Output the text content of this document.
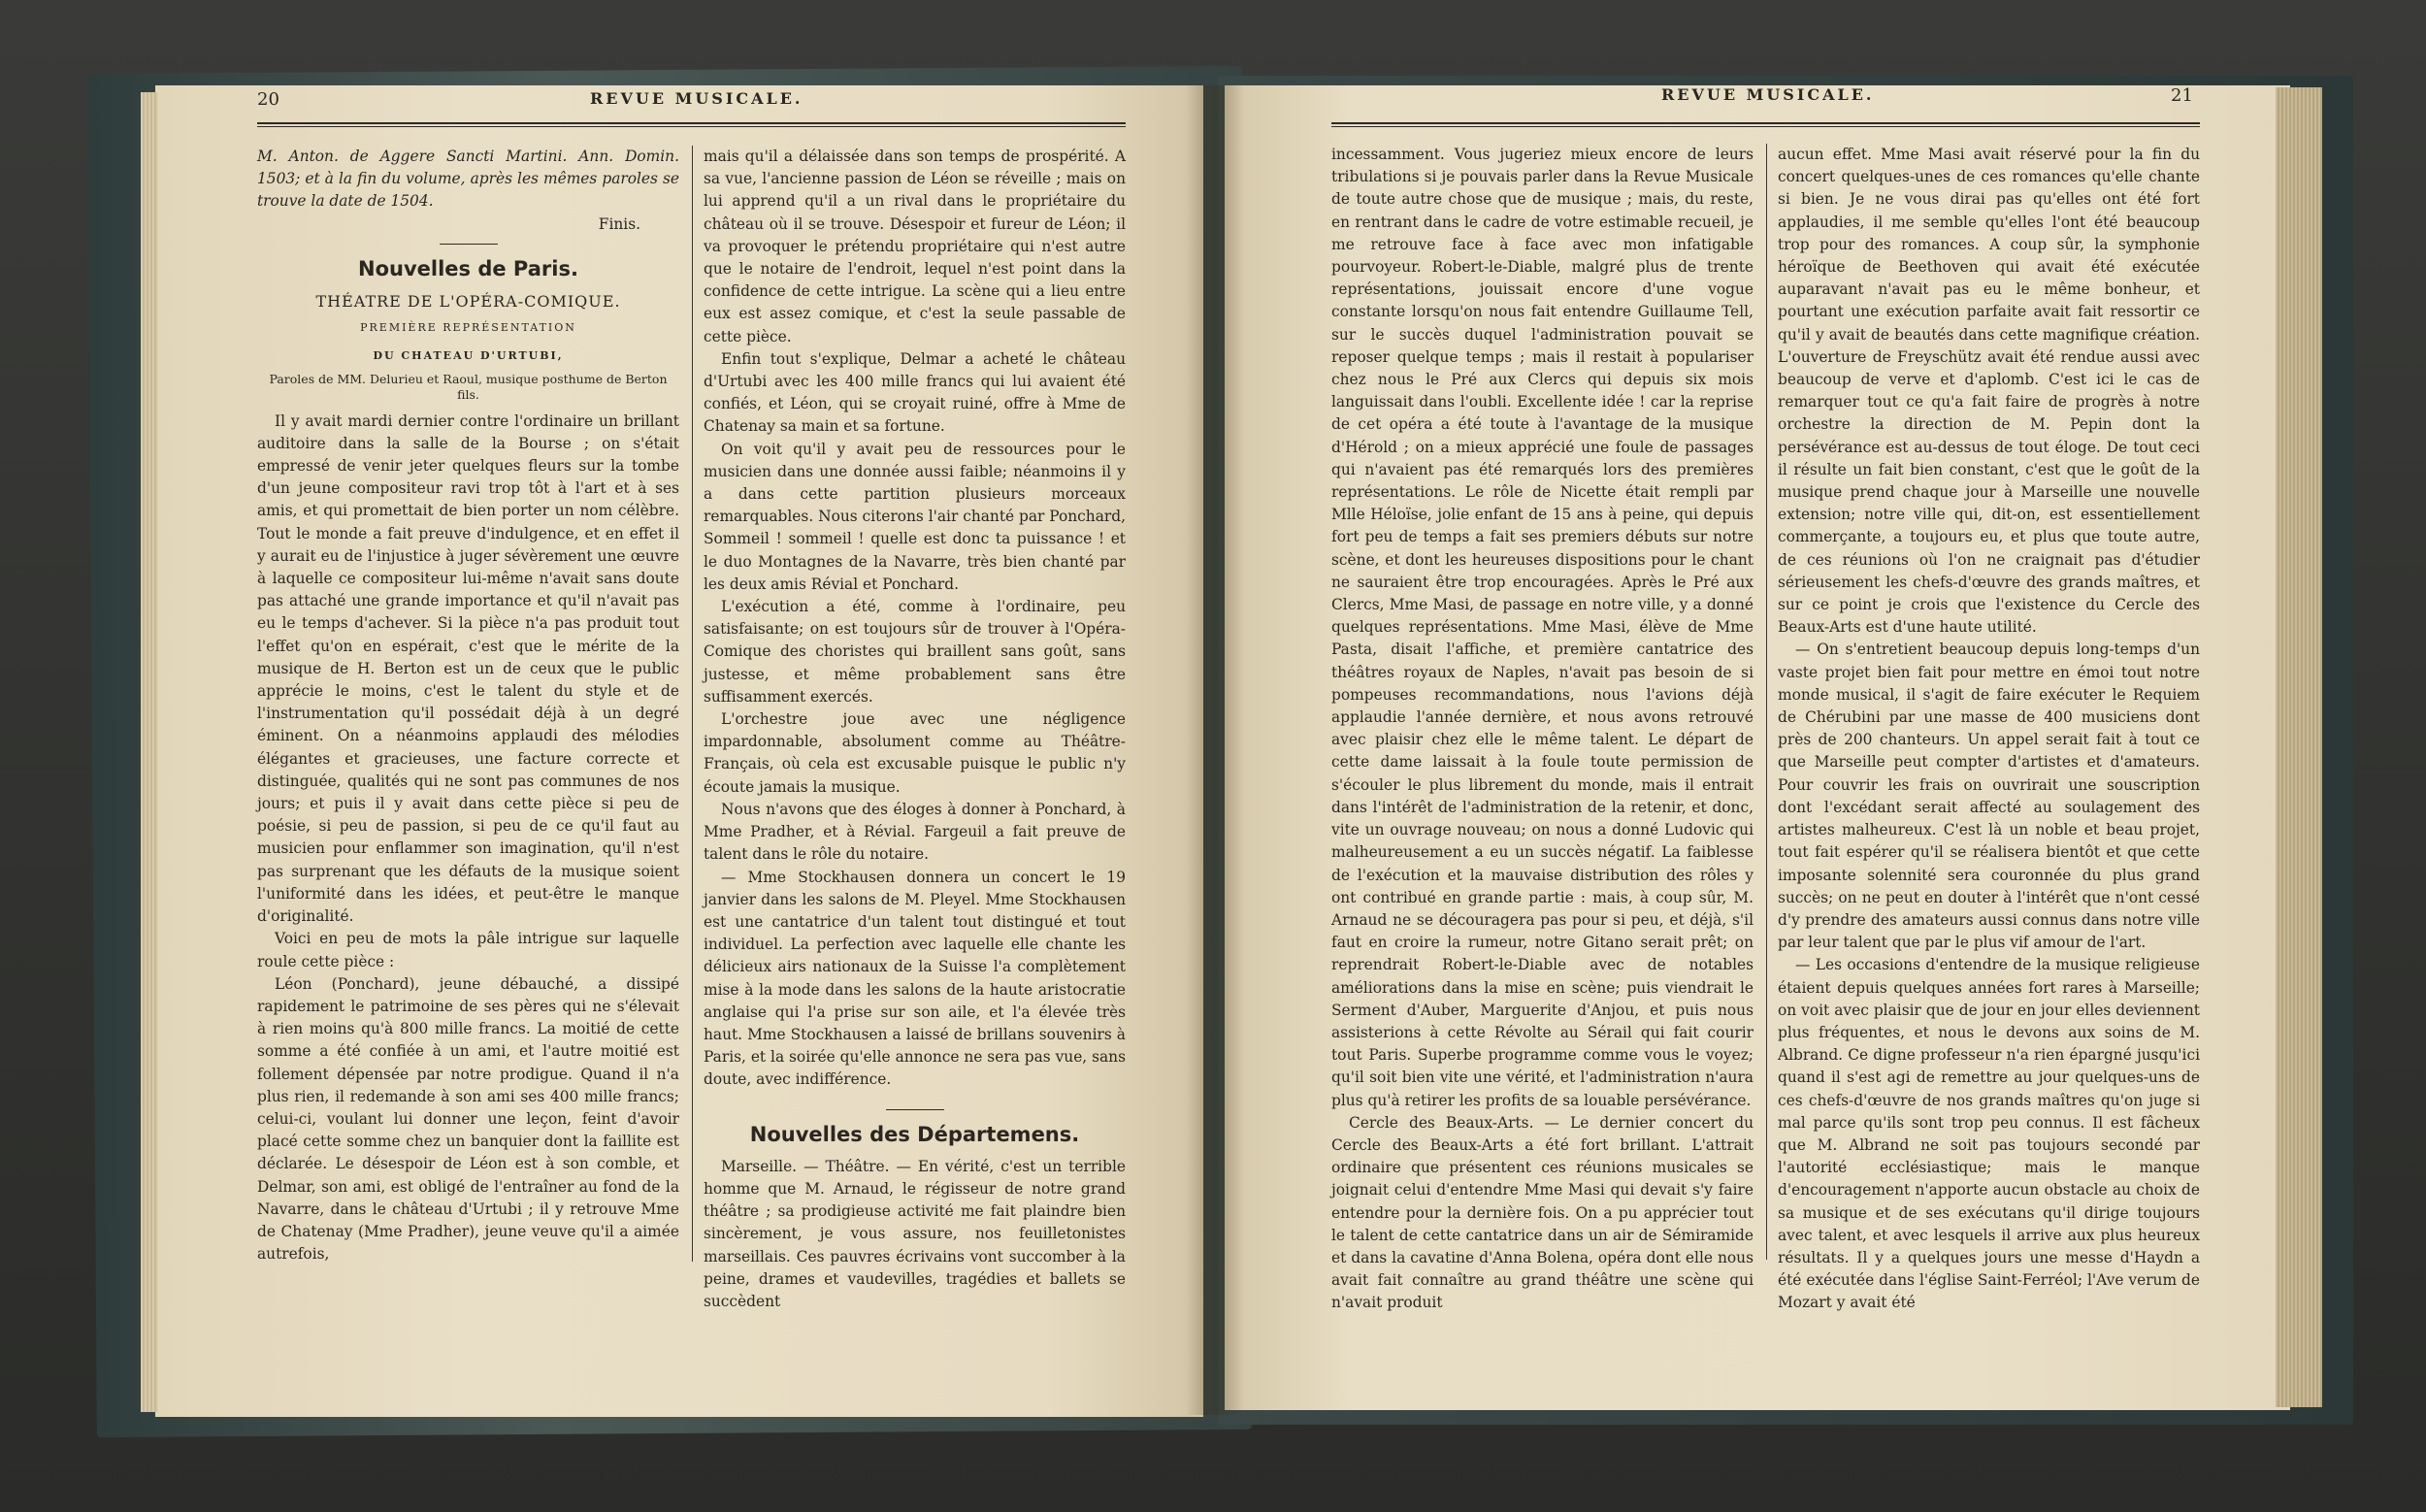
20	REVUE MUSICALE.

M. Anton. de Aggere Sancti Martini. Ann. Domin. 1503; et à la fin du volume, après les mêmes paroles se trouve la date de 1504.

Finis.
Nouvelles de Paris.
THÉATRE DE L'OPÉRA-COMIQUE.
PREMIÈRE REPRÉSENTATION
DU CHATEAU D'URTUBI,
Paroles de MM. Delurieu et Raoul, musique posthume de Berton fils.

Il y avait mardi dernier contre l'ordinaire un brillant auditoire dans la salle de la Bourse ; on s'était empressé de venir jeter quelques fleurs sur la tombe d'un jeune compositeur ravi trop tôt à l'art et à ses amis, et qui promettait de bien porter un nom célèbre. Tout le monde a fait preuve d'indulgence, et en effet il y aurait eu de l'injustice à juger sévèrement une œuvre à laquelle ce compositeur lui-même n'avait sans doute pas attaché une grande importance et qu'il n'avait pas eu le temps d'achever. Si la pièce n'a pas produit tout l'effet qu'on en espérait, c'est que le mérite de la musique de H. Berton est un de ceux que le public apprécie le moins, c'est le talent du style et de l'instrumentation qu'il possédait déjà à un degré éminent. On a néanmoins applaudi des mélodies élégantes et gracieuses, une facture correcte et distinguée, qualités qui ne sont pas communes de nos jours; et puis il y avait dans cette pièce si peu de poésie, si peu de passion, si peu de ce qu'il faut au musicien pour enflammer son imagination, qu'il n'est pas surprenant que les défauts de la musique soient l'uniformité dans les idées, et peut-être le manque d'originalité.

Voici en peu de mots la pâle intrigue sur laquelle roule cette pièce :

Léon (Ponchard), jeune débauché, a dissipé rapidement le patrimoine de ses pères qui ne s'élevait à rien moins qu'à 800 mille francs. La moitié de cette somme a été confiée à un ami, et l'autre moitié est follement dépensée par notre prodigue. Quand il n'a plus rien, il redemande à son ami ses 400 mille francs; celui-ci, voulant lui donner une leçon, feint d'avoir placé cette somme chez un banquier dont la faillite est déclarée. Le désespoir de Léon est à son comble, et Delmar, son ami, est obligé de l'entraîner au fond de la Navarre, dans le château d'Urtubi ; il y retrouve Mme de Chatenay (Mme Pradher), jeune veuve qu'il a aimée autrefois,

mais qu'il a délaissée dans son temps de prospérité. A sa vue, l'ancienne passion de Léon se réveille ; mais on lui apprend qu'il a un rival dans le propriétaire du château où il se trouve. Désespoir et fureur de Léon; il va provoquer le prétendu propriétaire qui n'est autre que le notaire de l'endroit, lequel n'est point dans la confidence de cette intrigue. La scène qui a lieu entre eux est assez comique, et c'est la seule passable de cette pièce.

Enfin tout s'explique, Delmar a acheté le château d'Urtubi avec les 400 mille francs qui lui avaient été confiés, et Léon, qui se croyait ruiné, offre à Mme de Chatenay sa main et sa fortune.

On voit qu'il y avait peu de ressources pour le musicien dans une donnée aussi faible; néanmoins il y a dans cette partition plusieurs morceaux remarquables. Nous citerons l'air chanté par Ponchard, Sommeil ! sommeil ! quelle est donc ta puissance ! et le duo Montagnes de la Navarre, très bien chanté par les deux amis Révial et Ponchard.

L'exécution a été, comme à l'ordinaire, peu satisfaisante; on est toujours sûr de trouver à l'Opéra-Comique des choristes qui braillent sans goût, sans justesse, et même probablement sans être suffisamment exercés.

L'orchestre joue avec une négligence impardonnable, absolument comme au Théâtre-Français, où cela est excusable puisque le public n'y écoute jamais la musique.

Nous n'avons que des éloges à donner à Ponchard, à Mme Pradher, et à Révial. Fargeuil a fait preuve de talent dans le rôle du notaire.

— Mme Stockhausen donnera un concert le 19 janvier dans les salons de M. Pleyel. Mme Stockhausen est une cantatrice d'un talent tout distingué et tout individuel. La perfection avec laquelle elle chante les délicieux airs nationaux de la Suisse l'a complètement mise à la mode dans les salons de la haute aristocratie anglaise qui l'a prise sur son aile, et l'a élevée très haut. Mme Stockhausen a laissé de brillans souvenirs à Paris, et la soirée qu'elle annonce ne sera pas vue, sans doute, avec indifférence.

Nouvelles des Départemens.

Marseille. — Théâtre. — En vérité, c'est un terrible homme que M. Arnaud, le régisseur de notre grand théâtre ; sa prodigieuse activité me fait plaindre bien sincèrement, je vous assure, nos feuilletonistes marseillais. Ces pauvres écrivains vont succomber à la peine, drames et vaudevilles, tragédies et ballets se succèdent

REVUE MUSICALE.	21

incessamment. Vous jugeriez mieux encore de leurs tribulations si je pouvais parler dans la Revue Musicale de toute autre chose que de musique ; mais, du reste, en rentrant dans le cadre de votre estimable recueil, je me retrouve face à face avec mon infatigable pourvoyeur. Robert-le-Diable, malgré plus de trente représentations, jouissait encore d'une vogue constante lorsqu'on nous fait entendre Guillaume Tell, sur le succès duquel l'administration pouvait se reposer quelque temps ; mais il restait à populariser chez nous le Pré aux Clercs qui depuis six mois languissait dans l'oubli. Excellente idée ! car la reprise de cet opéra a été toute à l'avantage de la musique d'Hérold ; on a mieux apprécié une foule de passages qui n'avaient pas été remarqués lors des premières représentations. Le rôle de Nicette était rempli par Mlle Héloïse, jolie enfant de 15 ans à peine, qui depuis fort peu de temps a fait ses premiers débuts sur notre scène, et dont les heureuses dispositions pour le chant ne sauraient être trop encouragées. Après le Pré aux Clercs, Mme Masi, de passage en notre ville, y a donné quelques représentations. Mme Masi, élève de Mme Pasta, disait l'affiche, et première cantatrice des théâtres royaux de Naples, n'avait pas besoin de si pompeuses recommandations, nous l'avions déjà applaudie l'année dernière, et nous avons retrouvé avec plaisir chez elle le même talent. Le départ de cette dame laissait à la foule toute permission de s'écouler le plus librement du monde, mais il entrait dans l'intérêt de l'administration de la retenir, et donc, vite un ouvrage nouveau; on nous a donné Ludovic qui malheureusement a eu un succès négatif. La faiblesse de l'exécution et la mauvaise distribution des rôles y ont contribué en grande partie : mais, à coup sûr, M. Arnaud ne se découragera pas pour si peu, et déjà, s'il faut en croire la rumeur, notre Gitano serait prêt; on reprendrait Robert-le-Diable avec de notables améliorations dans la mise en scène; puis viendrait le Serment d'Auber, Marguerite d'Anjou, et puis nous assisterions à cette Révolte au Sérail qui fait courir tout Paris. Superbe programme comme vous le voyez; qu'il soit bien vite une vérité, et l'administration n'aura plus qu'à retirer les profits de sa louable persévérance.

Cercle des Beaux-Arts. — Le dernier concert du Cercle des Beaux-Arts a été fort brillant. L'attrait ordinaire que présentent ces réunions musicales se joignait celui d'entendre Mme Masi qui devait s'y faire entendre pour la dernière fois. On a pu apprécier tout le talent de cette cantatrice dans un air de Sémiramide et dans la cavatine d'Anna Bolena, opéra dont elle nous avait fait connaître au grand théâtre une scène qui n'avait produit

aucun effet. Mme Masi avait réservé pour la fin du concert quelques-unes de ces romances qu'elle chante si bien. Je ne vous dirai pas qu'elles ont été fort applaudies, il me semble qu'elles l'ont été beaucoup trop pour des romances. A coup sûr, la symphonie héroïque de Beethoven qui avait été exécutée auparavant n'avait pas eu le même bonheur, et pourtant une exécution parfaite avait fait ressortir ce qu'il y avait de beautés dans cette magnifique création. L'ouverture de Freyschütz avait été rendue aussi avec beaucoup de verve et d'aplomb. C'est ici le cas de remarquer tout ce qu'a fait faire de progrès à notre orchestre la direction de M. Pepin dont la persévérance est au-dessus de tout éloge. De tout ceci il résulte un fait bien constant, c'est que le goût de la musique prend chaque jour à Marseille une nouvelle extension; notre ville qui, dit-on, est essentiellement commerçante, a toujours eu, et plus que toute autre, de ces réunions où l'on ne craignait pas d'étudier sérieusement les chefs-d'œuvre des grands maîtres, et sur ce point je crois que l'existence du Cercle des Beaux-Arts est d'une haute utilité.

— On s'entretient beaucoup depuis long-temps d'un vaste projet bien fait pour mettre en émoi tout notre monde musical, il s'agit de faire exécuter le Requiem de Chérubini par une masse de 400 musiciens dont près de 200 chanteurs. Un appel serait fait à tout ce que Marseille peut compter d'artistes et d'amateurs. Pour couvrir les frais on ouvrirait une souscription dont l'excédant serait affecté au soulagement des artistes malheureux. C'est là un noble et beau projet, tout fait espérer qu'il se réalisera bientôt et que cette imposante solennité sera couronnée du plus grand succès; on ne peut en douter à l'intérêt que n'ont cessé d'y prendre des amateurs aussi connus dans notre ville par leur talent que par le plus vif amour de l'art.

— Les occasions d'entendre de la musique religieuse étaient depuis quelques années fort rares à Marseille; on voit avec plaisir que de jour en jour elles deviennent plus fréquentes, et nous le devons aux soins de M. Albrand. Ce digne professeur n'a rien épargné jusqu'ici quand il s'est agi de remettre au jour quelques-uns de ces chefs-d'œuvre de nos grands maîtres qu'on juge si mal parce qu'ils sont trop peu connus. Il est fâcheux que M. Albrand ne soit pas toujours secondé par l'autorité ecclésiastique; mais le manque d'encouragement n'apporte aucun obstacle au choix de sa musique et de ses exécutans qu'il dirige toujours avec talent, et avec lesquels il arrive aux plus heureux résultats. Il y a quelques jours une messe d'Haydn a été exécutée dans l'église Saint-Ferréol; l'Ave verum de Mozart y avait été
